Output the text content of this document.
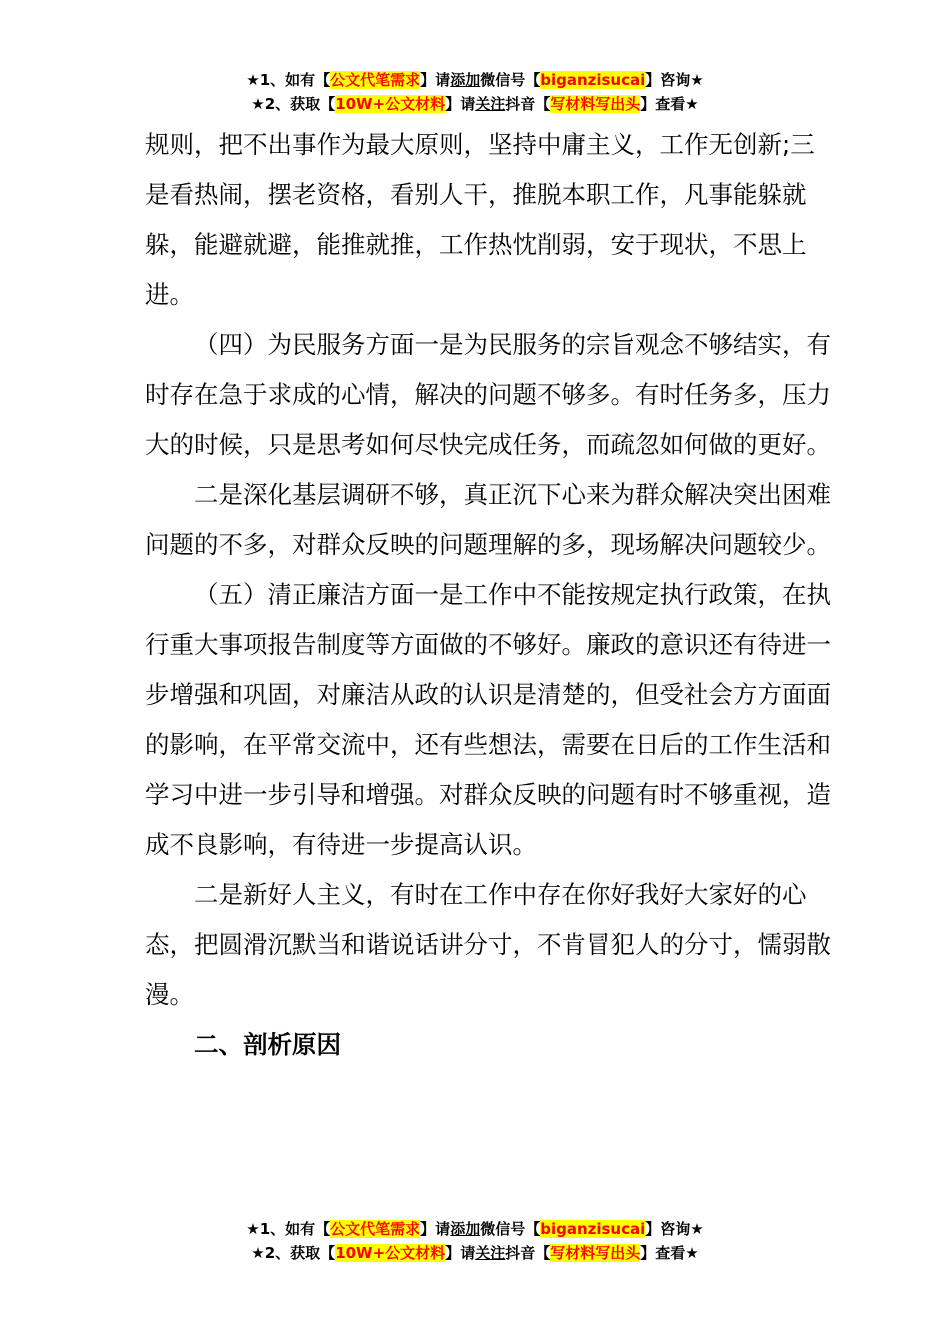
★1、如有【公文代笔需求】请添加微信号【biganzisucai】咨询★
★2、获取【10W+公文材料】请关注抖音【写材料写出头】查看★

规则，把不出事作为最大原则，坚持中庸主义，工作无创新;三是看热闹，摆老资格，看别人干，推脱本职工作，凡事能躲就躲，能避就避，能推就推，工作热忱削弱，安于现状，不思上进。

（四）为民服务方面一是为民服务的宗旨观念不够结实，有时存在急于求成的心情，解决的问题不够多。有时任务多，压力大的时候，只是思考如何尽快完成任务，而疏忽如何做的更好。

二是深化基层调研不够，真正沉下心来为群众解决突出困难问题的不多，对群众反映的问题理解的多，现场解决问题较少。

（五）清正廉洁方面一是工作中不能按规定执行政策，在执行重大事项报告制度等方面做的不够好。廉政的意识还有待进一步增强和巩固，对廉洁从政的认识是清楚的，但受社会方方面面的影响，在平常交流中，还有些想法，需要在日后的工作生活和学习中进一步引导和增强。对群众反映的问题有时不够重视，造成不良影响，有待进一步提高认识。

二是新好人主义，有时在工作中存在你好我好大家好的心态，把圆滑沉默当和谐说话讲分寸，不肯冒犯人的分寸，懦弱散漫。

二、剖析原因

★1、如有【公文代笔需求】请添加微信号【biganzisucai】咨询★
★2、获取【10W+公文材料】请关注抖音【写材料写出头】查看★
